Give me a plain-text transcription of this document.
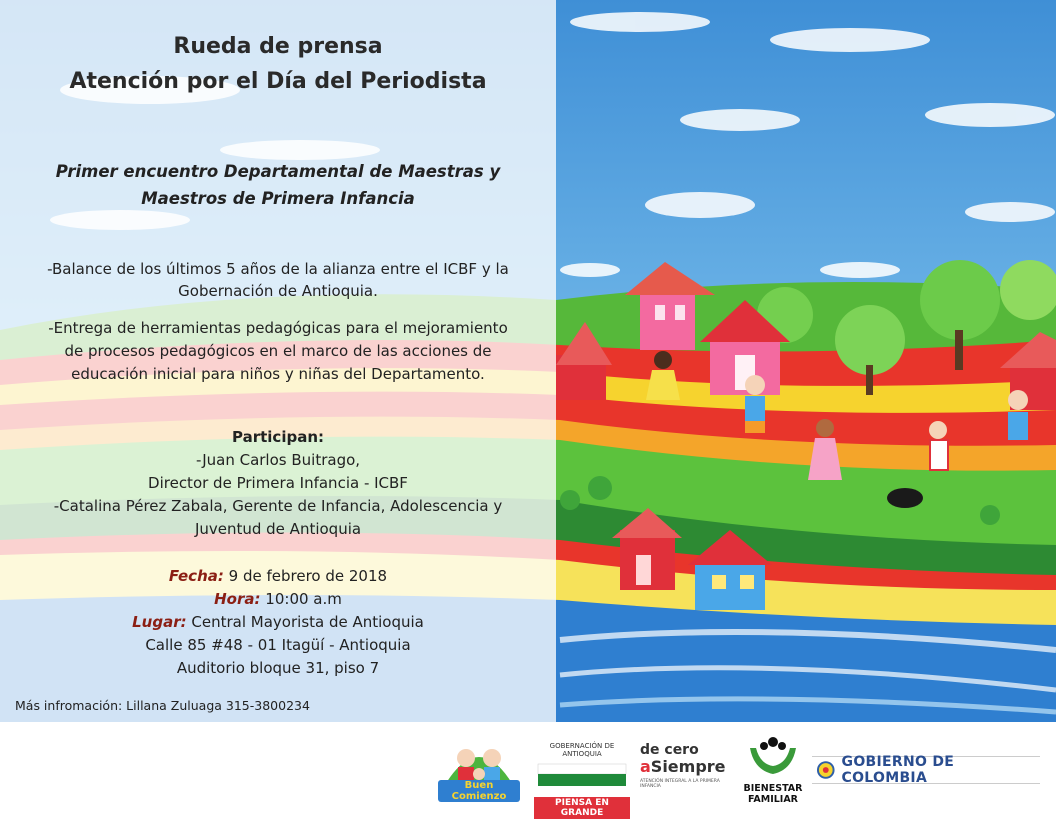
Rueda de prensa
Atención por el Día del Periodista
Primer encuentro Departamental de Maestras y
Maestros de Primera Infancia
-Balance de los últimos 5 años de la alianza entre el ICBF y la
Gobernación de Antioquia.
-Entrega de herramientas pedagógicas para el mejoramiento
de procesos pedagógicos en el marco de las acciones de
educación inicial para niños y niñas del Departamento.
Participan:
-Juan Carlos Buitrago,
Director de Primera Infancia - ICBF
-Catalina Pérez Zabala, Gerente de Infancia, Adolescencia y
Juventud de Antioquia
Fecha: 9 de febrero de 2018
Hora: 10:00 a.m
Lugar: Central Mayorista de Antioquia
Calle 85 #48 - 01 Itagüí - Antioquia
Auditorio bloque 31, piso 7
Más infromación: Lillana Zuluaga 315-3800234
Buen Comienzo
GOBERNACIÓN DE ANTIOQUIA
PIENSA EN GRANDE
de cero
aSiempre
ATENCIÓN INTEGRAL A LA PRIMERA INFANCIA	BIENESTAR
FAMILIAR
GOBIERNO DE COLOMBIA
